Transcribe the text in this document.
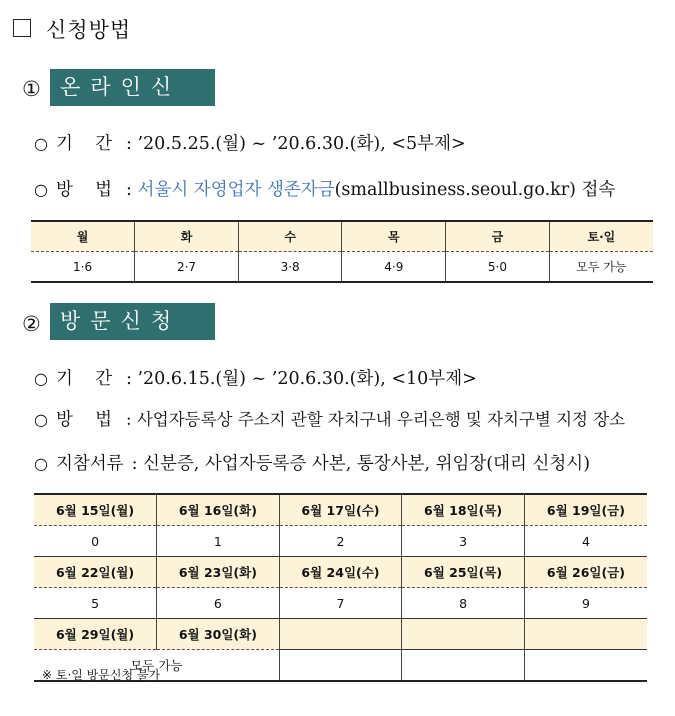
신청방법
① 온라인신청
○ 기    간 : ’20.5.25.(월) ~ ’20.6.30.(화), <5부제>
○ 방    법 : 서울시 자영업자 생존자금(smallbusiness.seoul.go.kr) 접속
월	화	수	목	금	토·일
1·6	2·7	3·8	4·9	5·0	모두 가능
② 방문신청
○ 기    간 : ’20.6.15.(월) ~ ’20.6.30.(화), <10부제>
○ 방    법 : 사업자등록상 주소지 관할 자치구내 우리은행 및 자치구별 지정 장소
○ 지참서류 : 신분증, 사업자등록증 사본, 통장사본, 위임장(대리 신청시)
6월 15일(월)	6월 16일(화)	6월 17일(수)	6월 18일(목)	6월 19일(금)
0	1	2	3	4
6월 22일(월)	6월 23일(화)	6월 24일(수)	6월 25일(목)	6월 26일(금)
5	6	7	8	9
6월 29일(월)	6월 30일(화)			
모두 가능				
※ 토·일 방문신청 불가
